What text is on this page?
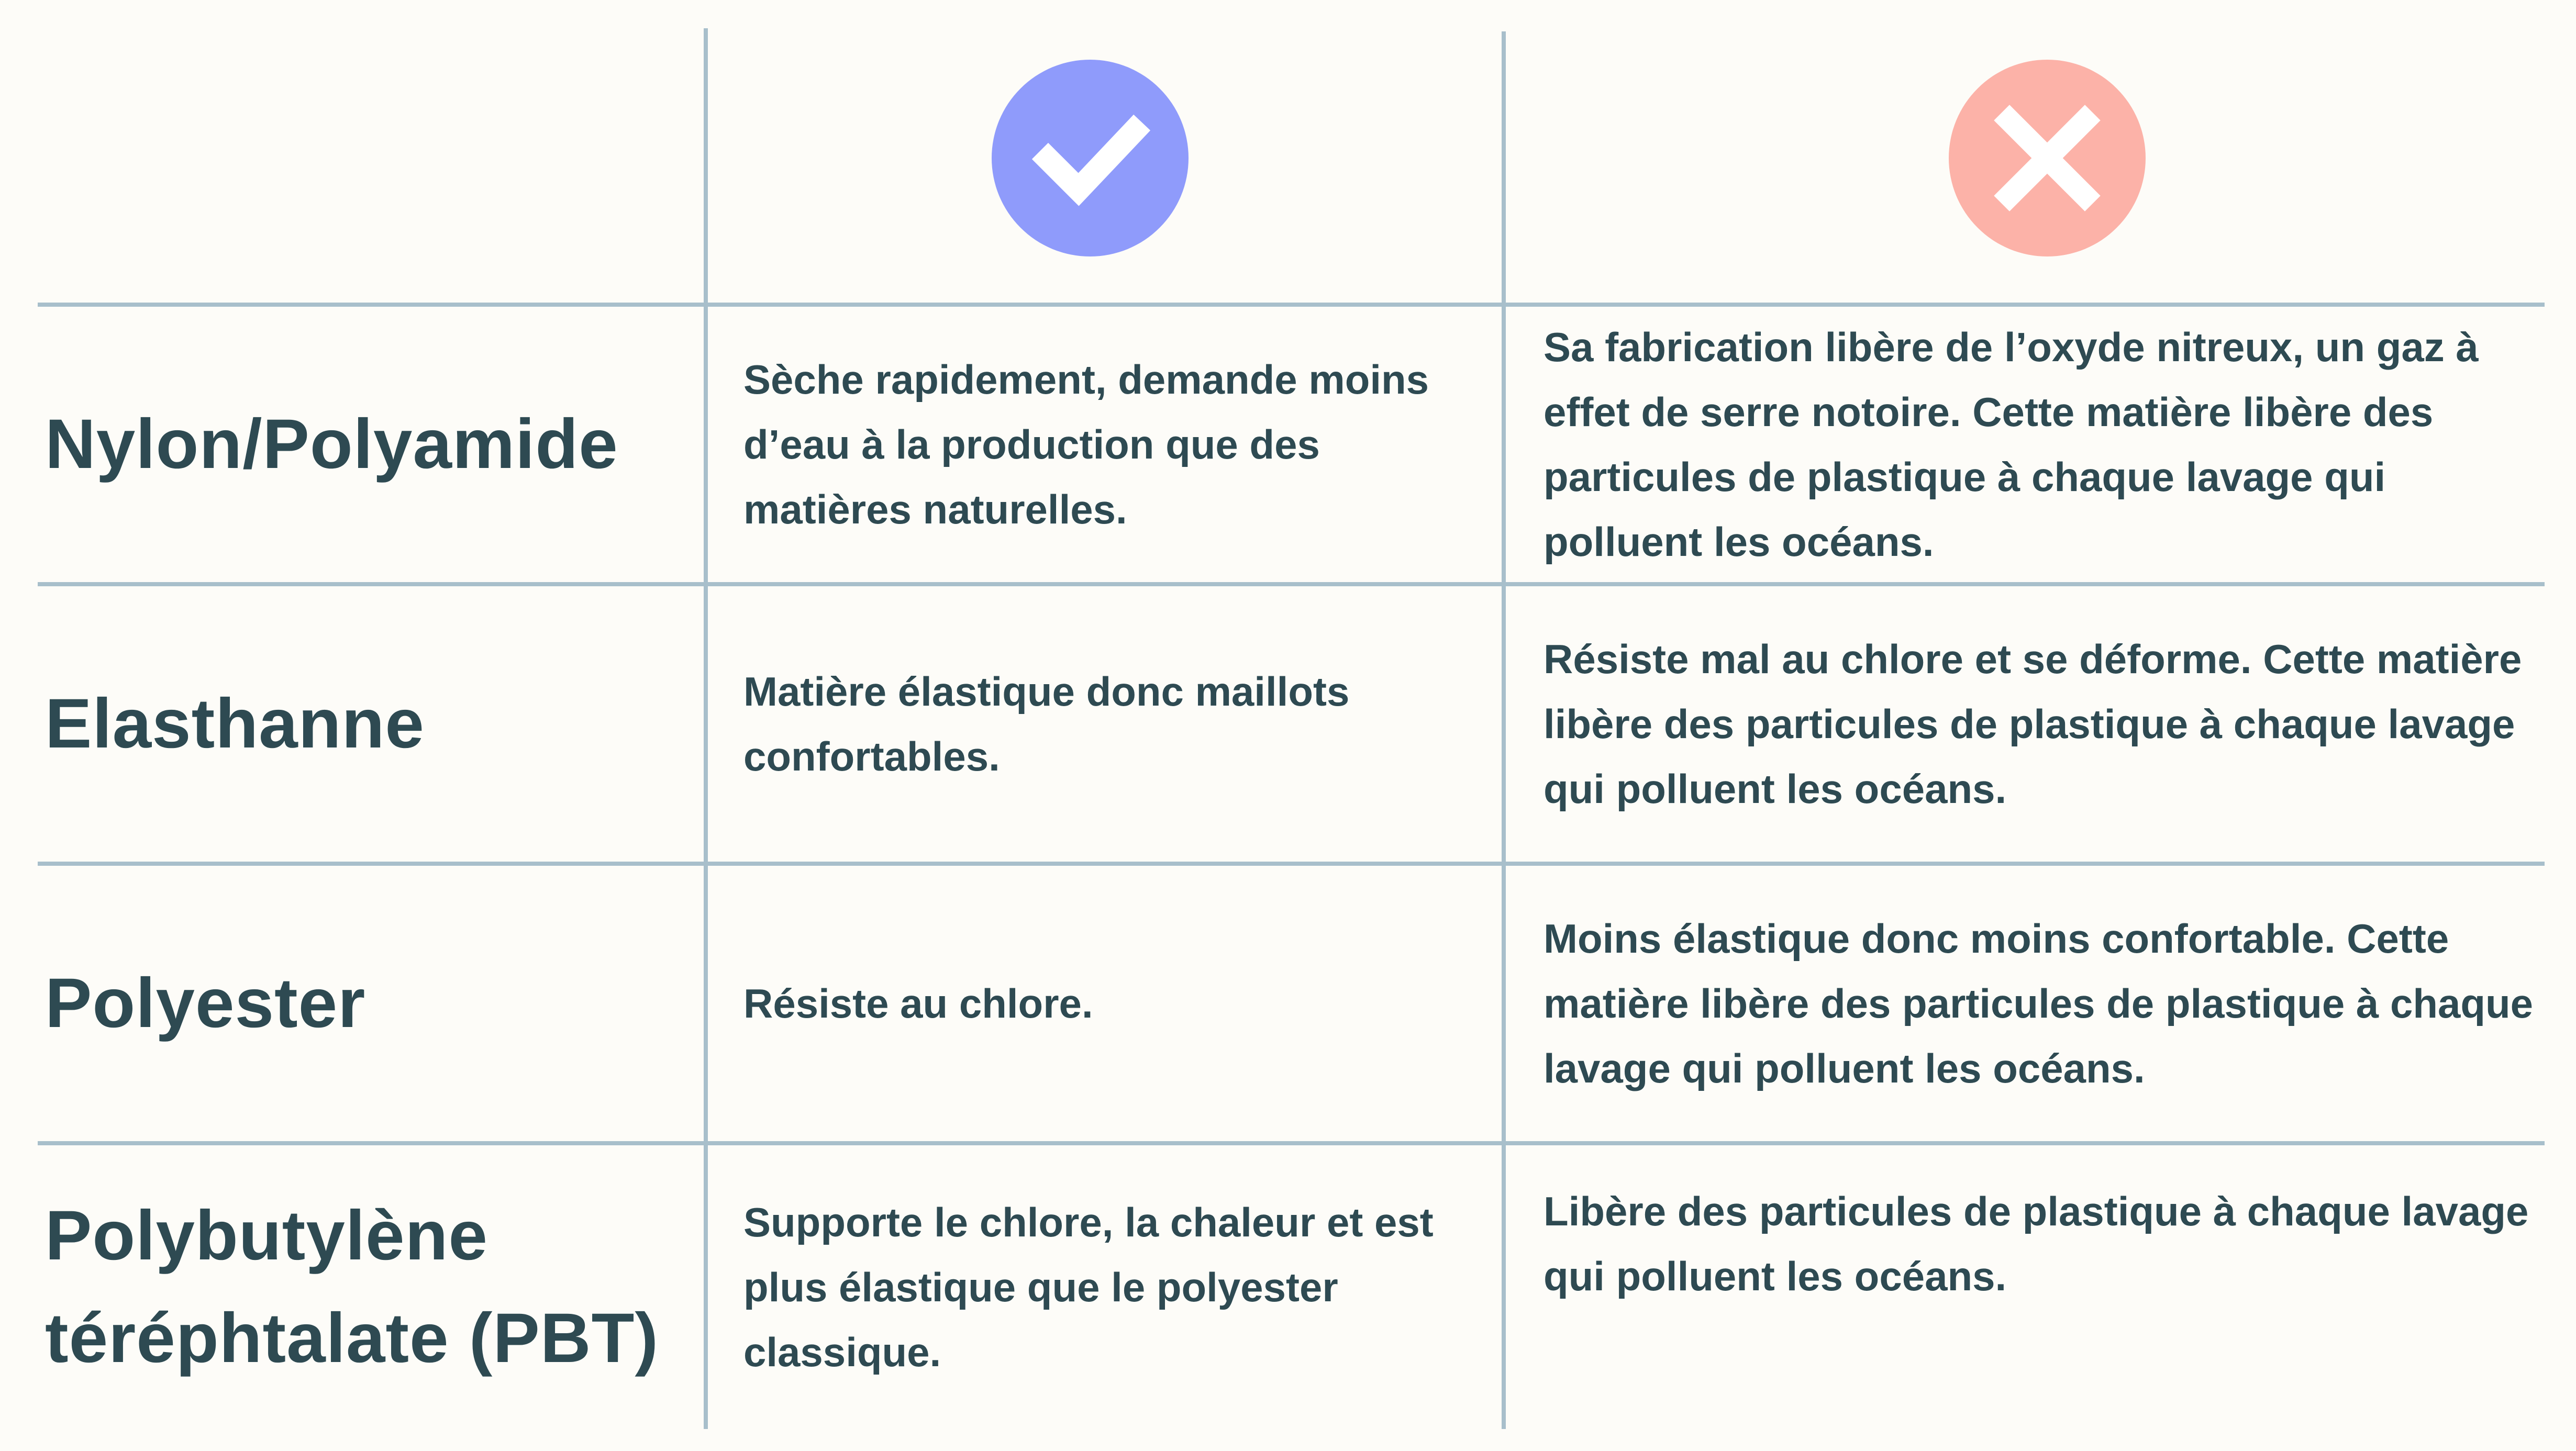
Nylon/Polyamide
Sèche rapidement, demande moins d’eau à la production que des matières naturelles.
Sa fabrication libère de l’oxyde nitreux, un gaz à effet de serre notoire. Cette matière libère des particules de plastique à chaque lavage qui polluent les océans.
Elasthanne	Matière élastique donc maillots confortables.
Résiste mal au chlore et se déforme. Cette matière libère des particules de plastique à chaque lavage qui polluent les océans.
Polyester	Résiste au chlore.
Moins élastique donc moins confortable. Cette matière libère des particules de plastique à chaque lavage qui polluent les océans.
Polybutylène téréphtalate (PBT)
Supporte le chlore, la chaleur et est plus élastique que le polyester classique.
Libère des particules de plastique à chaque lavage qui polluent les océans.
